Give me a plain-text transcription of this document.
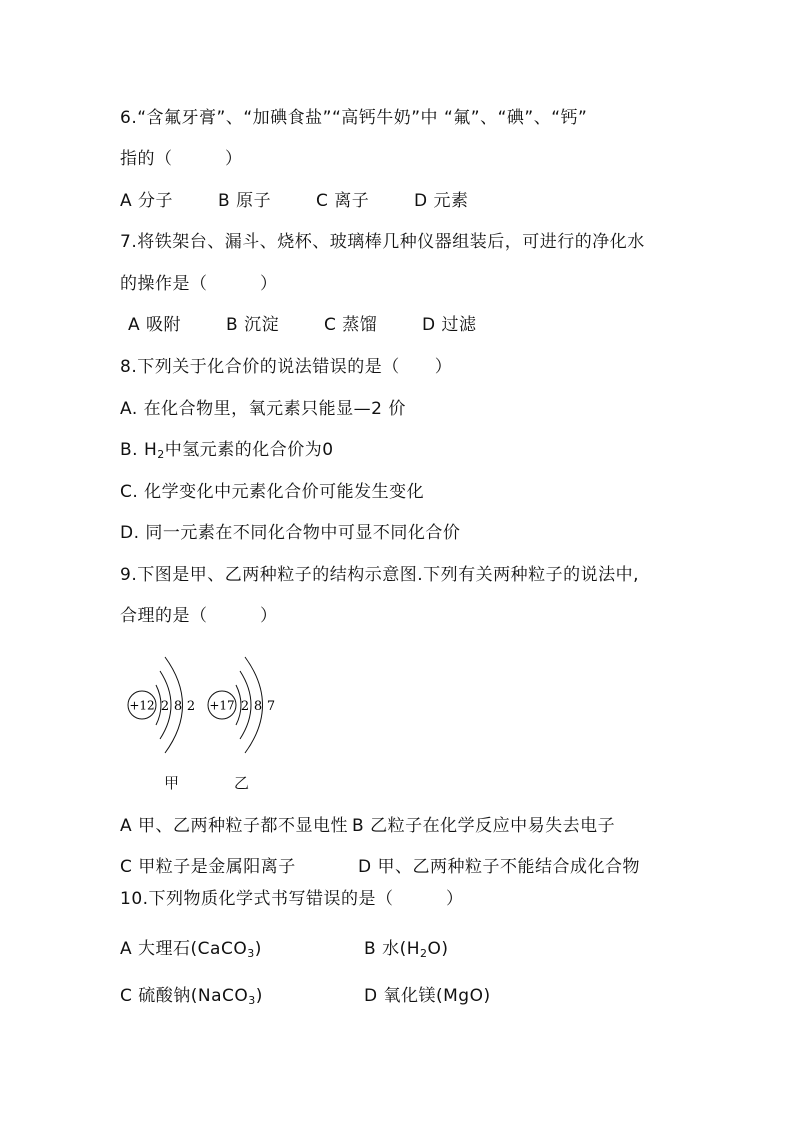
6.“含氟牙膏”、“加碘食盐”“高钙牛奶”中 “氟”、“碘”、“钙”
指的（　　　）
A 分子	B 原子	C 离子	D 元素
7.将铁架台、漏斗、烧杯、玻璃棒几种仪器组装后，可进行的净化水
的操作是（　　　）
A 吸附	B 沉淀	C 蒸馏	D 过滤
8.下列关于化合价的说法错误的是（　　）
A. 在化合物里，氧元素只能显—2 价
B. $H_2$中氢元素的化合价为0
C. 化学变化中元素化合价可能发生变化
D. 同一元素在不同化合物中可显不同化合价
9.下图是甲、乙两种粒子的结构示意图.下列有关两种粒子的说法中,
合理的是（　　　）
+12 2 8 2 +17 2 8 7
甲	乙
A 甲、乙两种粒子都不显电性 B 乙粒子在化学反应中易失去电子
C 甲粒子是金属阳离子	D 甲、乙两种粒子不能结合成化合物
10.下列物质化学式书写错误的是（　　　）
A 大理石(CaCO$_3$)	B 水$(H_2O)$
C 硫酸钠(NaCO$_3$)	D 氧化镁(MgO)
